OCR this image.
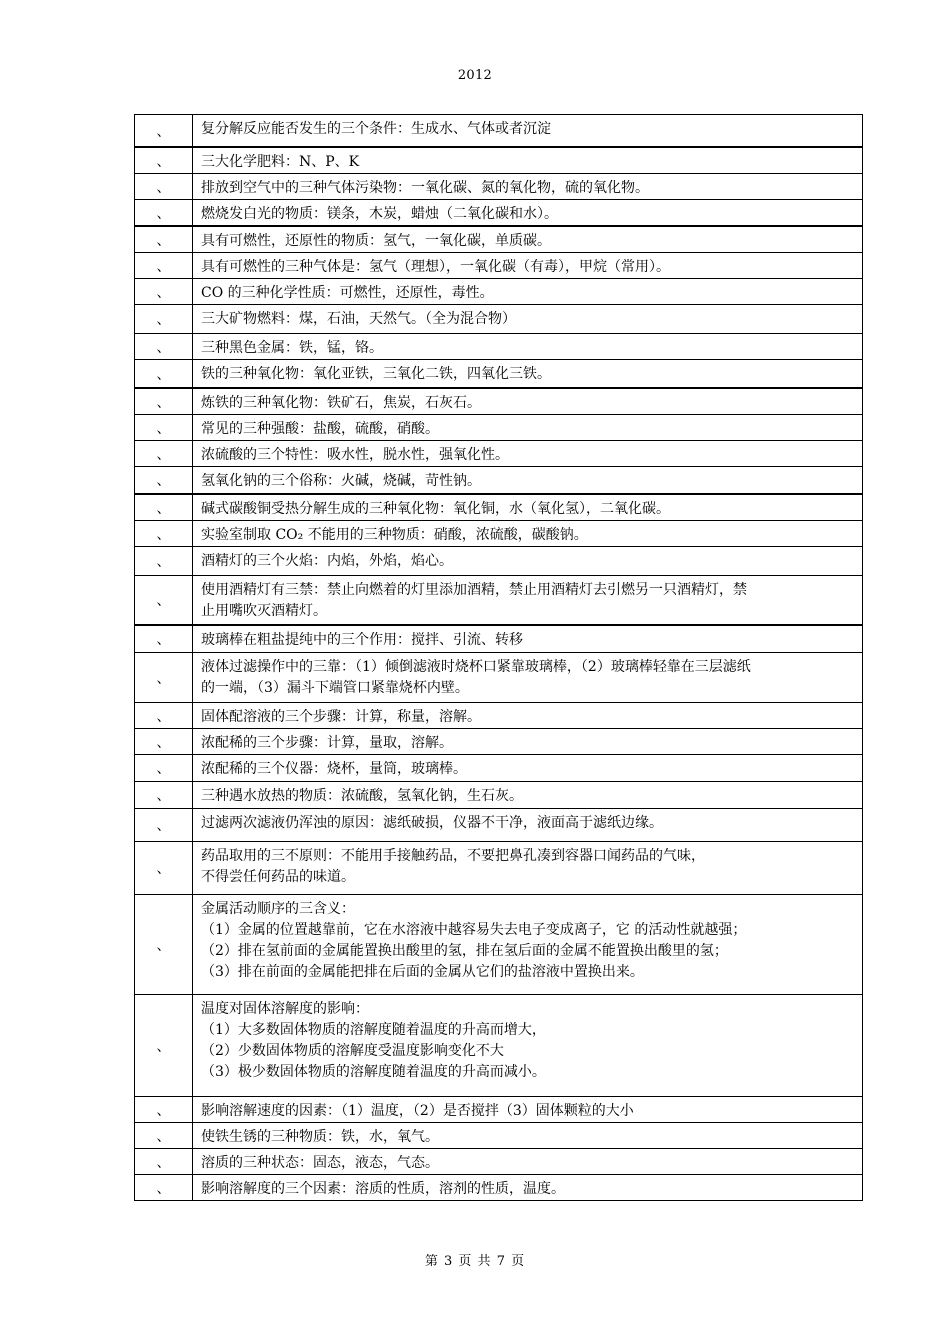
2012
、	复分解反应能否发生的三个条件：生成水、气体或者沉淀

、	三大化学肥料：N、P、K

、	排放到空气中的三种气体污染物：一氧化碳、氮的氧化物，硫的氧化物。

、	燃烧发白光的物质：镁条，木炭，蜡烛（二氧化碳和水）。

、	具有可燃性，还原性的物质：氢气，一氧化碳，单质碳。

、	具有可燃性的三种气体是：氢气（理想），一氧化碳（有毒），甲烷（常用）。

、	CO 的三种化学性质：可燃性，还原性，毒性。

、	三大矿物燃料：煤，石油，天然气。（全为混合物）

、	三种黑色金属：铁，锰，铬。

、	铁的三种氧化物：氧化亚铁，三氧化二铁，四氧化三铁。

、	炼铁的三种氧化物：铁矿石，焦炭，石灰石。

、	常见的三种强酸：盐酸，硫酸，硝酸。

、	浓硫酸的三个特性：吸水性，脱水性，强氧化性。

、	氢氧化钠的三个俗称：火碱，烧碱，苛性钠。

、	碱式碳酸铜受热分解生成的三种氧化物：氧化铜，水（氧化氢），二氧化碳。

、	实验室制取 CO₂ 不能用的三种物质：硝酸，浓硫酸，碳酸钠。

、	酒精灯的三个火焰：内焰，外焰，焰心。

、	使用酒精灯有三禁：禁止向燃着的灯里添加酒精，禁止用酒精灯去引燃另一只酒精灯，禁
止用嘴吹灭酒精灯。

、	玻璃棒在粗盐提纯中的三个作用：搅拌、引流、转移

、	液体过滤操作中的三靠：（1）倾倒滤液时烧杯口紧靠玻璃棒，（2）玻璃棒轻靠在三层滤纸
的一端，（3）漏斗下端管口紧靠烧杯内壁。

、	固体配溶液的三个步骤：计算，称量，溶解。

、	浓配稀的三个步骤：计算，量取，溶解。

、	浓配稀的三个仪器：烧杯，量筒，玻璃棒。

、	三种遇水放热的物质：浓硫酸，氢氧化钠，生石灰。

、	过滤两次滤液仍浑浊的原因：滤纸破损，仪器不干净，液面高于滤纸边缘。

、	药品取用的三不原则：不能用手接触药品，不要把鼻孔凑到容器口闻药品的气味，
不得尝任何药品的味道。

、	金属活动顺序的三含义：
（1）金属的位置越靠前，它在水溶液中越容易失去电子变成离子，它 的活动性就越强；
（2）排在氢前面的金属能置换出酸里的氢，排在氢后面的金属不能置换出酸里的氢；
（3）排在前面的金属能把排在后面的金属从它们的盐溶液中置换出来。

、	温度对固体溶解度的影响：
（1）大多数固体物质的溶解度随着温度的升高而增大，
（2）少数固体物质的溶解度受温度影响变化不大
（3）极少数固体物质的溶解度随着温度的升高而减小。

、	影响溶解速度的因素：（1）温度，（2）是否搅拌（3）固体颗粒的大小

、	使铁生锈的三种物质：铁，水，氧气。

、	溶质的三种状态：固态，液态，气态。

、	影响溶解度的三个因素：溶质的性质，溶剂的性质，温度。
第 3 页 共 7 页
